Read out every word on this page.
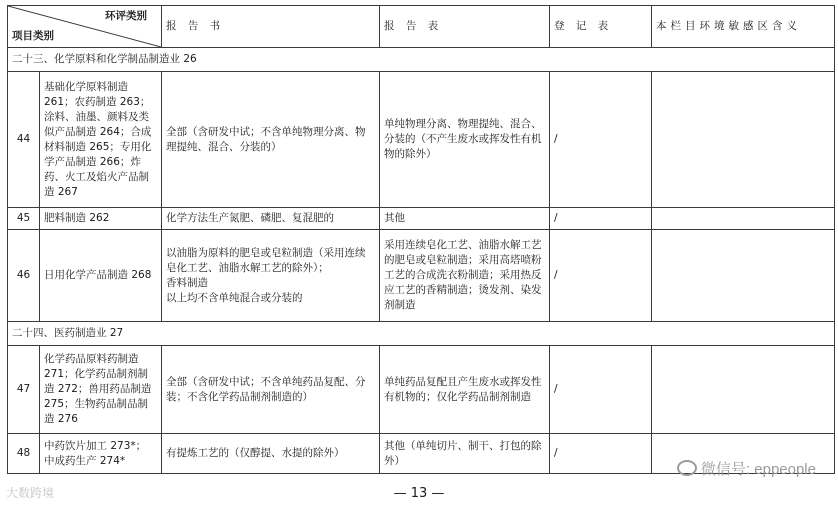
环评类别
项目类别		报 告 书	报 告 表	登 记 表	本栏目环境敏感区含义
二十三、化学原料和化学制品制造业 26					
44	基础化学原料制造 261；农药制造 263；涂料、油墨、颜料及类似产品制造 264；合成材料制造 265；专用化学产品制造 266；炸药、火工及焰火产品制造 267	全部（含研发中试；不含单纯物理分离、物理提纯、混合、分装的）	单纯物理分离、物理提纯、混合、分装的（不产生废水或挥发性有机物的除外）	/	
45	肥料制造 262	化学方法生产氮肥、磷肥、复混肥的	其他	/	
46	日用化学产品制造 268	以油脂为原料的肥皂或皂粒制造（采用连续皂化工艺、油脂水解工艺的除外）；
香料制造
以上均不含单纯混合或分装的	采用连续皂化工艺、油脂水解工艺的肥皂或皂粒制造；采用高塔喷粉工艺的合成洗衣粉制造；采用热反应工艺的香精制造；烫发剂、染发剂制造	/	
二十四、医药制造业 27					
47	化学药品原料药制造 271；化学药品制剂制造 272；兽用药品制造 275；生物药品制品制造 276	全部（含研发中试；不含单纯药品复配、分装；不含化学药品制剂制造的）	单纯药品复配且产生废水或挥发性有机物的；仅化学药品制剂制造	/	
48	中药饮片加工 273*；
中成药生产 274*	有提炼工艺的（仅醇提、水提的除外）	其他（单纯切片、制干、打包的除外）	/	
微信号: eppeople
大数跨境	— 13 —
